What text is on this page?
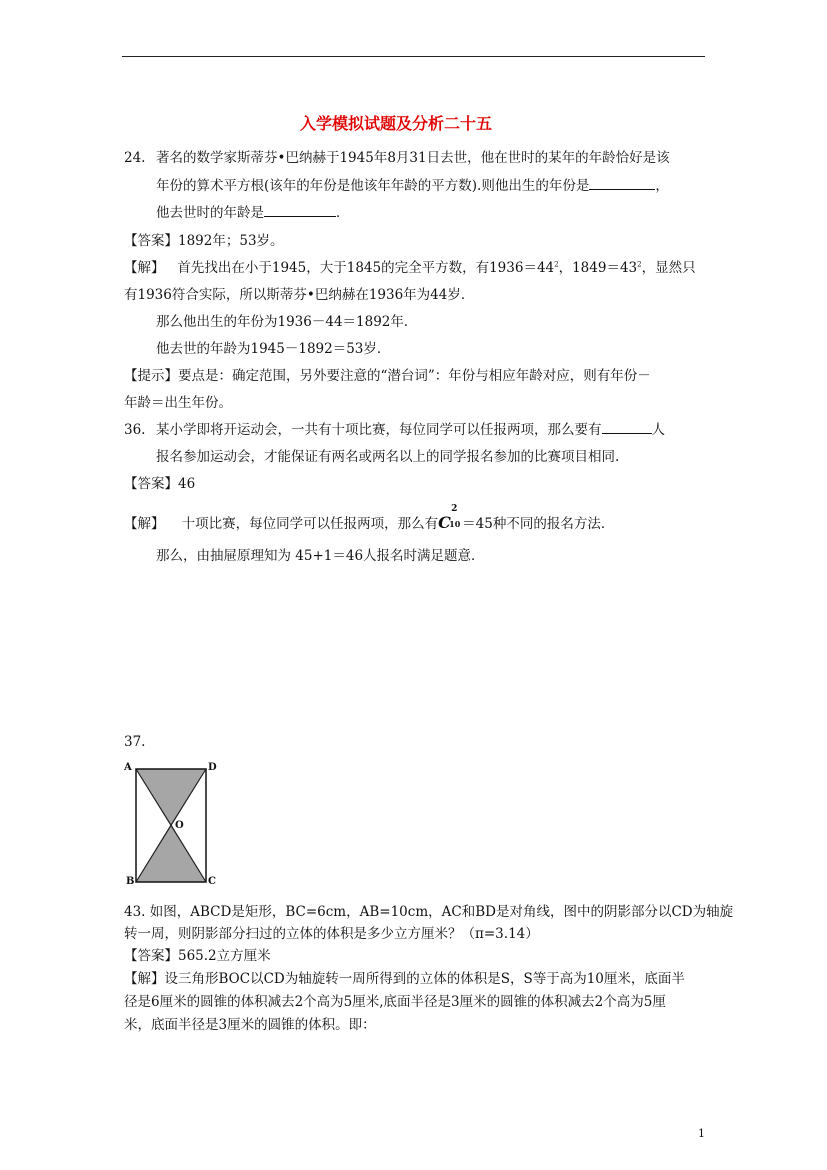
入学模拟试题及分析二十五
24. 著名的数学家斯蒂芬•巴纳赫于1945年8月31日去世，他在世时的某年的年龄恰好是该
年份的算术平方根(该年的年份是他该年年龄的平方数).则他出生的年份是	，
他去世时的年龄是	．
【答案】1892年；53岁。
【解】 首先找出在小于1945，大于1845的完全平方数，有$1936=44^2$，$1849=43^2$，显然只
有1936符合实际，所以斯蒂芬•巴纳赫在1936年为44岁．
那么他出生的年份为1936－44＝1892年．
他去世的年龄为1945－1892＝53岁．
【提示】要点是：确定范围，另外要注意的“潜台词”：年份与相应年龄对应，则有年份－
年龄＝出生年份。
36. 某小学即将开运动会，一共有十项比赛，每位同学可以任报两项，那么要有	人
报名参加运动会，才能保证有两名或两名以上的同学报名参加的比赛项目相同.
【答案】46
【解】 十项比赛，每位同学可以任报两项，那么有C
2
10 ＝45种不同的报名方法．
那么，由抽屉原理知为 45+1＝46人报名时满足题意．
37.
A	D
O
B	C
43. 如图，ABCD是矩形，BC=6cm，AB=10cm，AC和BD是对角线，图中的阴影部分以CD为轴旋
转一周，则阴影部分扫过的立体的体积是多少立方厘米？（π=3.14）
【答案】565.2立方厘米
【解】设三角形BOC以CD为轴旋转一周所得到的立体的体积是S，S等于高为10厘米，底面半
径是6厘米的圆锥的体积减去2个高为5厘米,底面半径是3厘米的圆锥的体积减去2个高为5厘
米，底面半径是3厘米的圆锥的体积。即：
1
